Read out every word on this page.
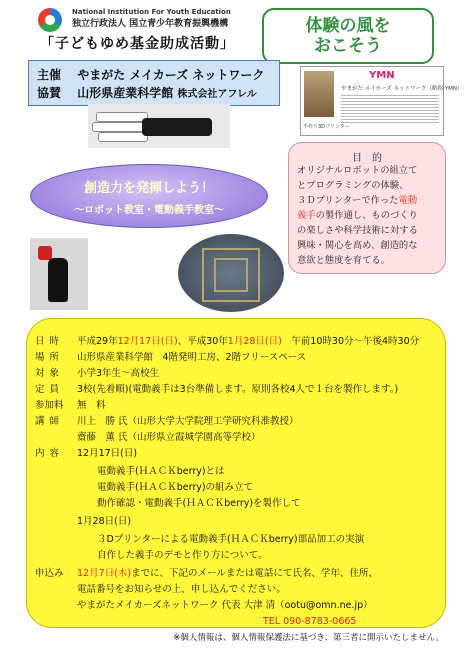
National Institution For Youth Education
独立行政法人 国立青少年教育振興機構
「子どもゆめ基金助成活動」
体験の風を
おこそう
主催　 やまがた メイカーズ ネットワーク
協賛　 山形県産業科学館 株式会社アフレル
YMN
やまがた メイカーズ ネットワーク（略称:YMN）
手作り3Dプリンター
創造力を発揮しよう！
～ロボット教室・電動義手教室～
目　的
オリジナルロボットの組立て
とプログラミングの体験、
３Ｄプリンターで作った電動
義手の製作通し、ものづくり
の楽しさや科学技術に対する
興味・関心を高め、創造的な
意欲と態度を育てる。
日時 平成29年12月17日(日)、平成30年1月28日(日)　午前10時30分～午後4時30分
場所 山形県産業科学館　4階発明工房、2階フリースペース
対象 小学3年生～高校生
定員 3校(先着順)(電動義手は3台準備します。原則各校4人で１台を製作します。)
参加料 無　料
講師 川上　勝 氏（山形大学大学院理工学研究科准教授）
齋藤　薫 氏（山形県立霞城学園高等学校）
内容 12月17日(日)
電動義手(ＨＡＣＫberry)とは
電動義手(ＨＡＣＫberry)の組み立て
動作確認・電動義手(ＨＡＣＫberry)を製作して
1月28日(日)
３Dプリンターによる電動義手(ＨＡＣＫberry)部品加工の実演
自作した義手のデモと作り方について。
申込み 12月7日(木)までに、下記のメールまたは電話にて氏名、学年、住所、
電話番号をお知らせの上、申し込んでください。
やまがたメイカーズネットワーク 代表 大津 清（ootu@omn.ne.jp）
TEL 090-8783-0665
※個人情報は、個人情報保護法に基づき、第三者に開示いたしません。
